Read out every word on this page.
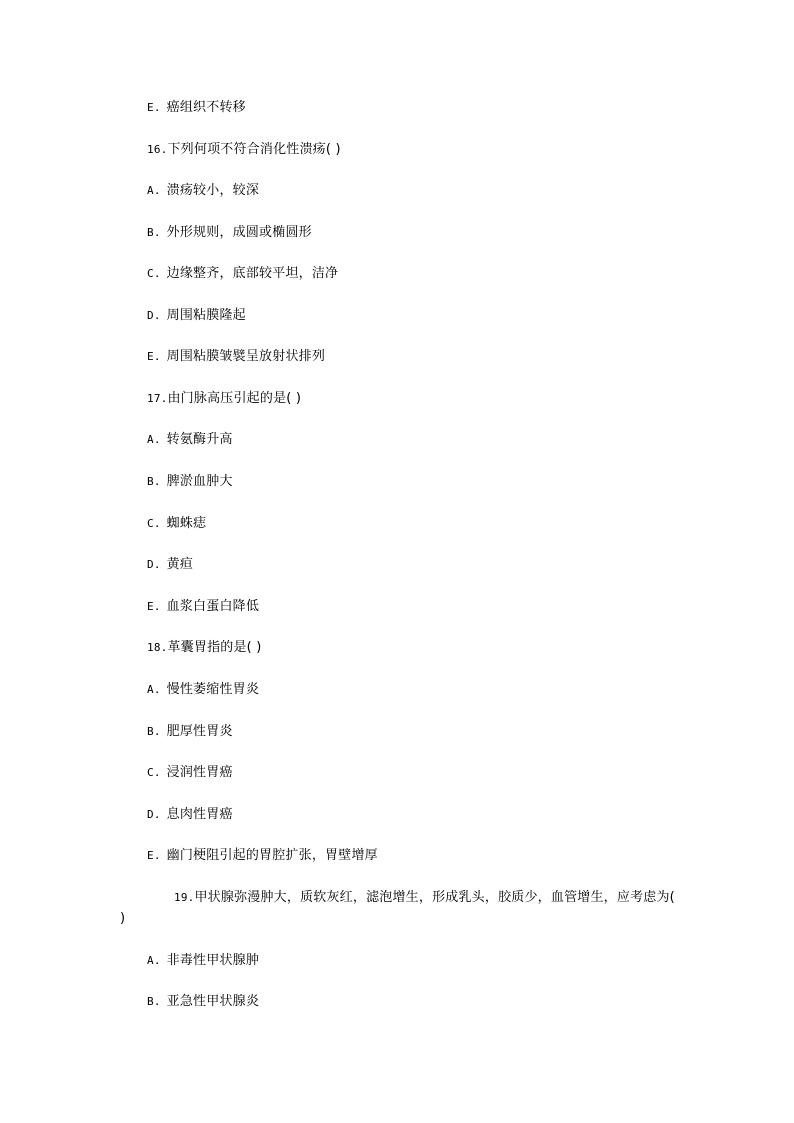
E. 癌组织不转移
16.下列何项不符合消化性溃疡( )
A. 溃疡较小，较深
B. 外形规则，成圆或椭圆形
C. 边缘整齐，底部较平坦，洁净
D. 周围粘膜隆起
E. 周围粘膜皱襞呈放射状排列
17.由门脉高压引起的是( )
A. 转氨酶升高
B. 脾淤血肿大
C. 蜘蛛痣
D. 黄疸
E. 血浆白蛋白降低
18.革囊胃指的是( )
A. 慢性萎缩性胃炎
B. 肥厚性胃炎
C. 浸润性胃癌
D. 息肉性胃癌
E. 幽门梗阻引起的胃腔扩张，胃壁增厚
19.甲状腺弥漫肿大，质软灰红，滤泡增生，形成乳头，胶质少，血管增生，应考虑为( )
A. 非毒性甲状腺肿
B. 亚急性甲状腺炎
